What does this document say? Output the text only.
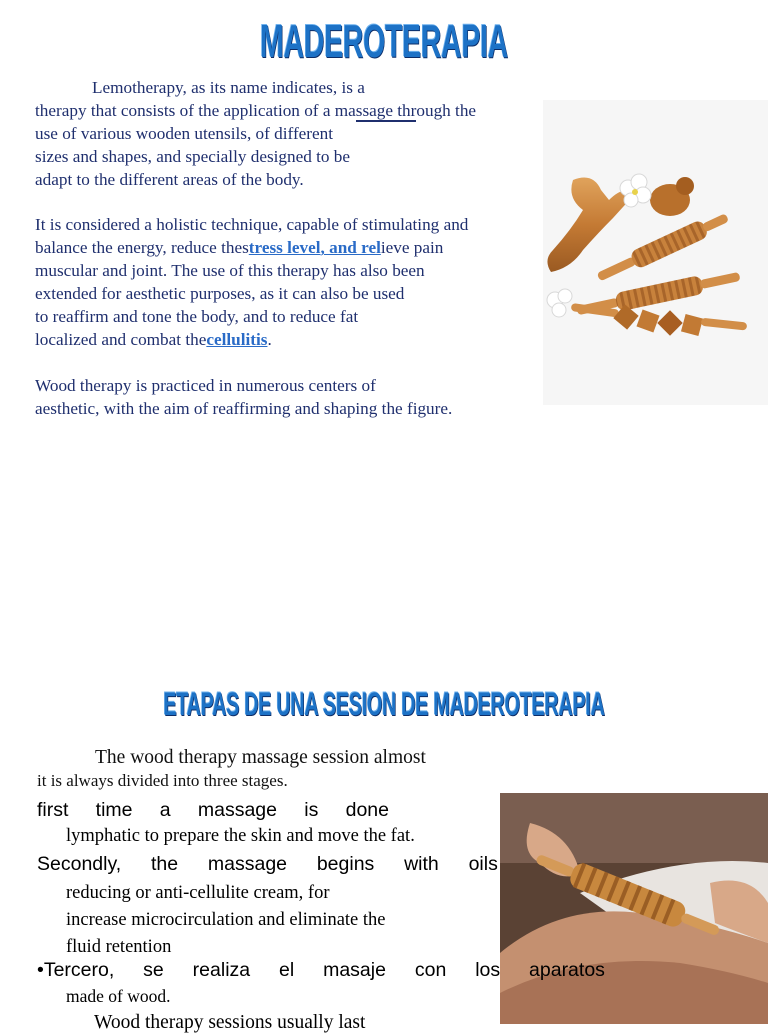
MADEROTERAPIA
Lemotherapy, as its name indicates, is a
therapy that consists of the application of a massage through the
use of various wooden utensils, of different
sizes and shapes, and specially designed to be
adapt to the different areas of the body.
It is considered a holistic technique, capable of stimulating and
balance the energy, reduce thestress level, and relieve pain
muscular and joint. The use of this therapy has also been
extended for aesthetic purposes, as it can also be used
to reaffirm and tone the body, and to reduce fat
localized and combat thecellulitis.
Wood therapy is practiced in numerous centers of
aesthetic, with the aim of reaffirming and shaping the figure.
ETAPAS DE UNA SESION DE MADEROTERAPIA
The wood therapy massage session almost
it is always divided into three stages.
first time a massage is done
lymphatic to prepare the skin and move the fat.
Secondly, the massage begins with oils
reducing or anti-cellulite cream, for
increase microcirculation and eliminate the
fluid retention
•Tercero, se realiza el masaje con los aparatos
made of wood.
Wood therapy sessions usually last
